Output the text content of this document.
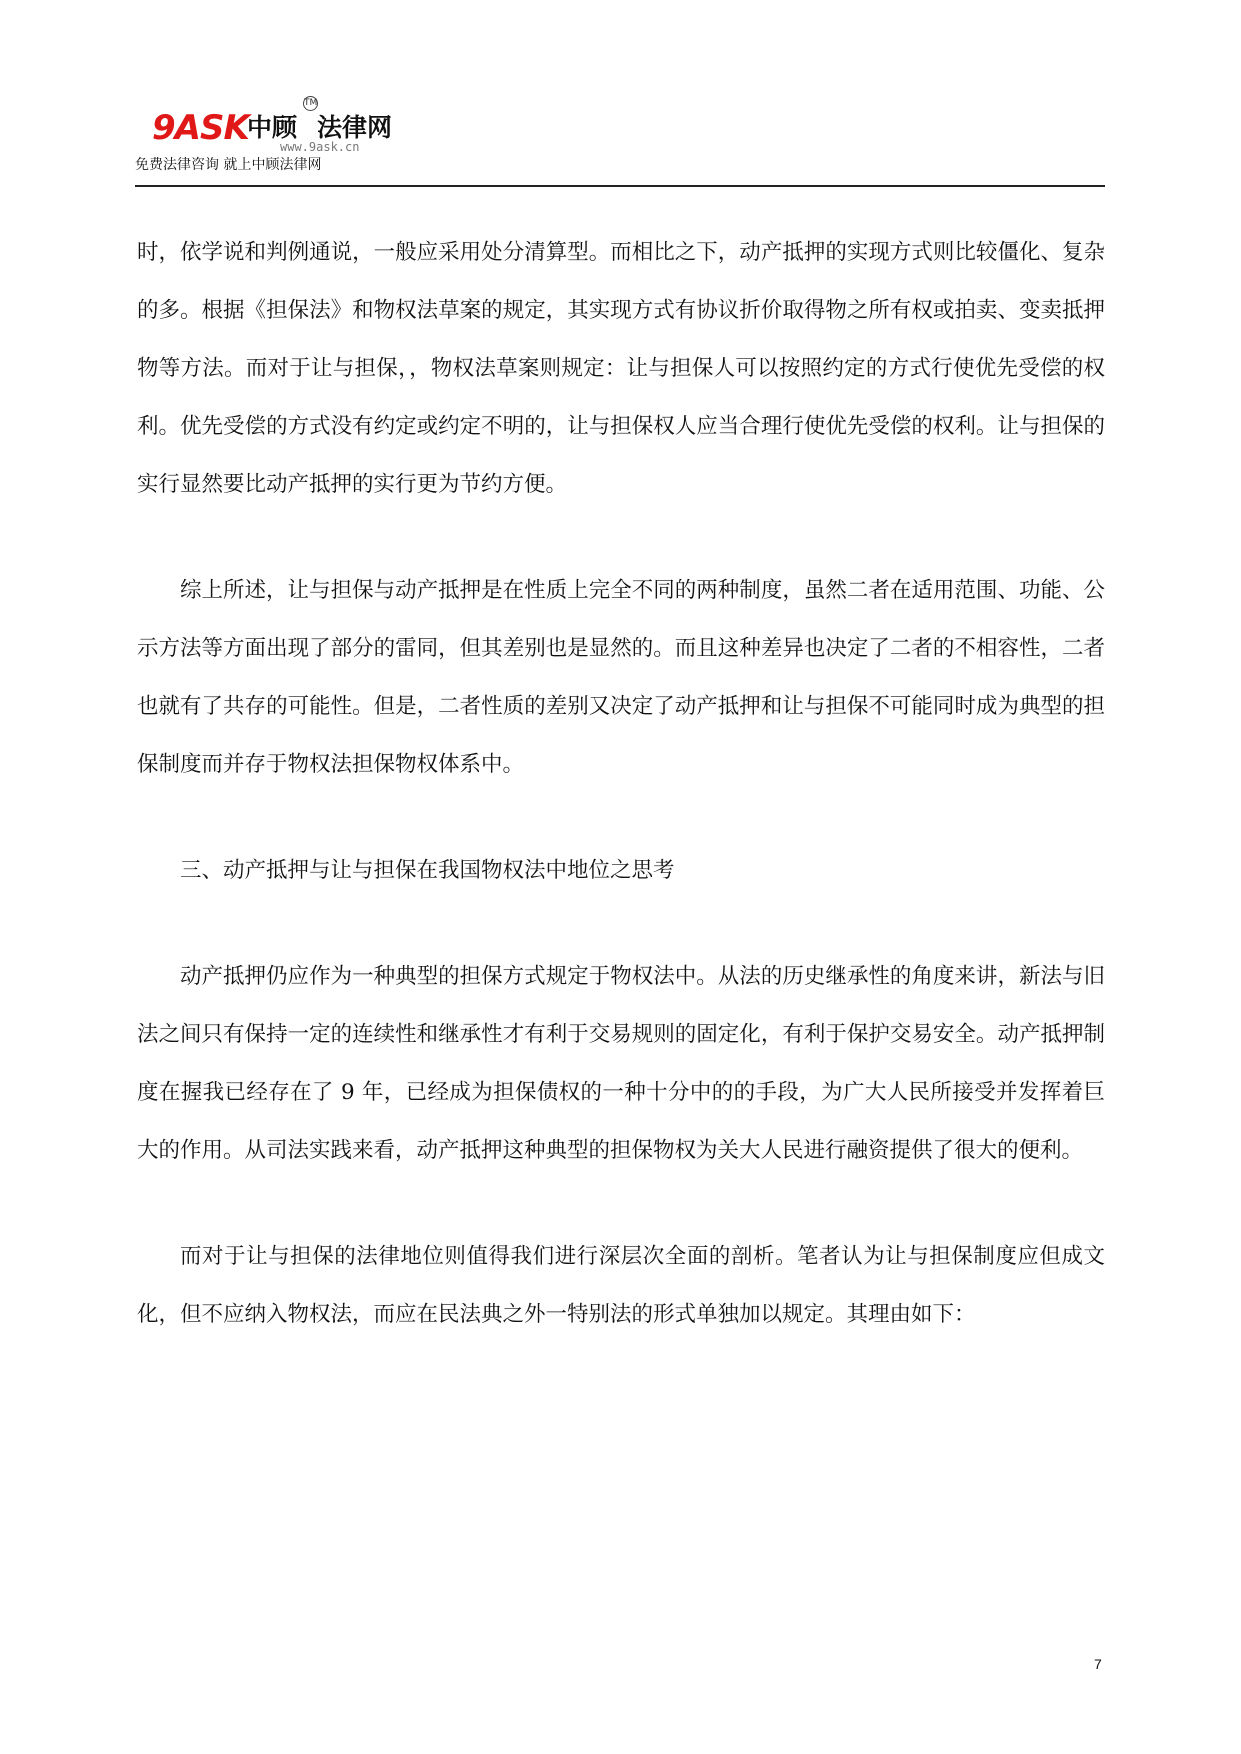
9ASK
中顾
TM
法律网
www.9ask.cn
免费法律咨询 就上中顾法律网

时，依学说和判例通说，一般应采用处分清算型。而相比之下，动产抵押的实现方式则比较僵化、复杂的多。根据《担保法》和物权法草案的规定，其实现方式有协议折价取得物之所有权或拍卖、变卖抵押物等方法。而对于让与担保，，物权法草案则规定：让与担保人可以按照约定的方式行使优先受偿的权利。优先受偿的方式没有约定或约定不明的，让与担保权人应当合理行使优先受偿的权利。让与担保的实行显然要比动产抵押的实行更为节约方便。

综上所述，让与担保与动产抵押是在性质上完全不同的两种制度，虽然二者在适用范围、功能、公示方法等方面出现了部分的雷同，但其差别也是显然的。而且这种差异也决定了二者的不相容性，二者也就有了共存的可能性。但是，二者性质的差别又决定了动产抵押和让与担保不可能同时成为典型的担保制度而并存于物权法担保物权体系中。

三、动产抵押与让与担保在我国物权法中地位之思考

动产抵押仍应作为一种典型的担保方式规定于物权法中。从法的历史继承性的角度来讲，新法与旧法之间只有保持一定的连续性和继承性才有利于交易规则的固定化，有利于保护交易安全。动产抵押制度在握我已经存在了 9 年，已经成为担保债权的一种十分中的的手段，为广大人民所接受并发挥着巨大的作用。从司法实践来看，动产抵押这种典型的担保物权为关大人民进行融资提供了很大的便利。

而对于让与担保的法律地位则值得我们进行深层次全面的剖析。笔者认为让与担保制度应但成文化，但不应纳入物权法，而应在民法典之外一特别法的形式单独加以规定。其理由如下：

7
